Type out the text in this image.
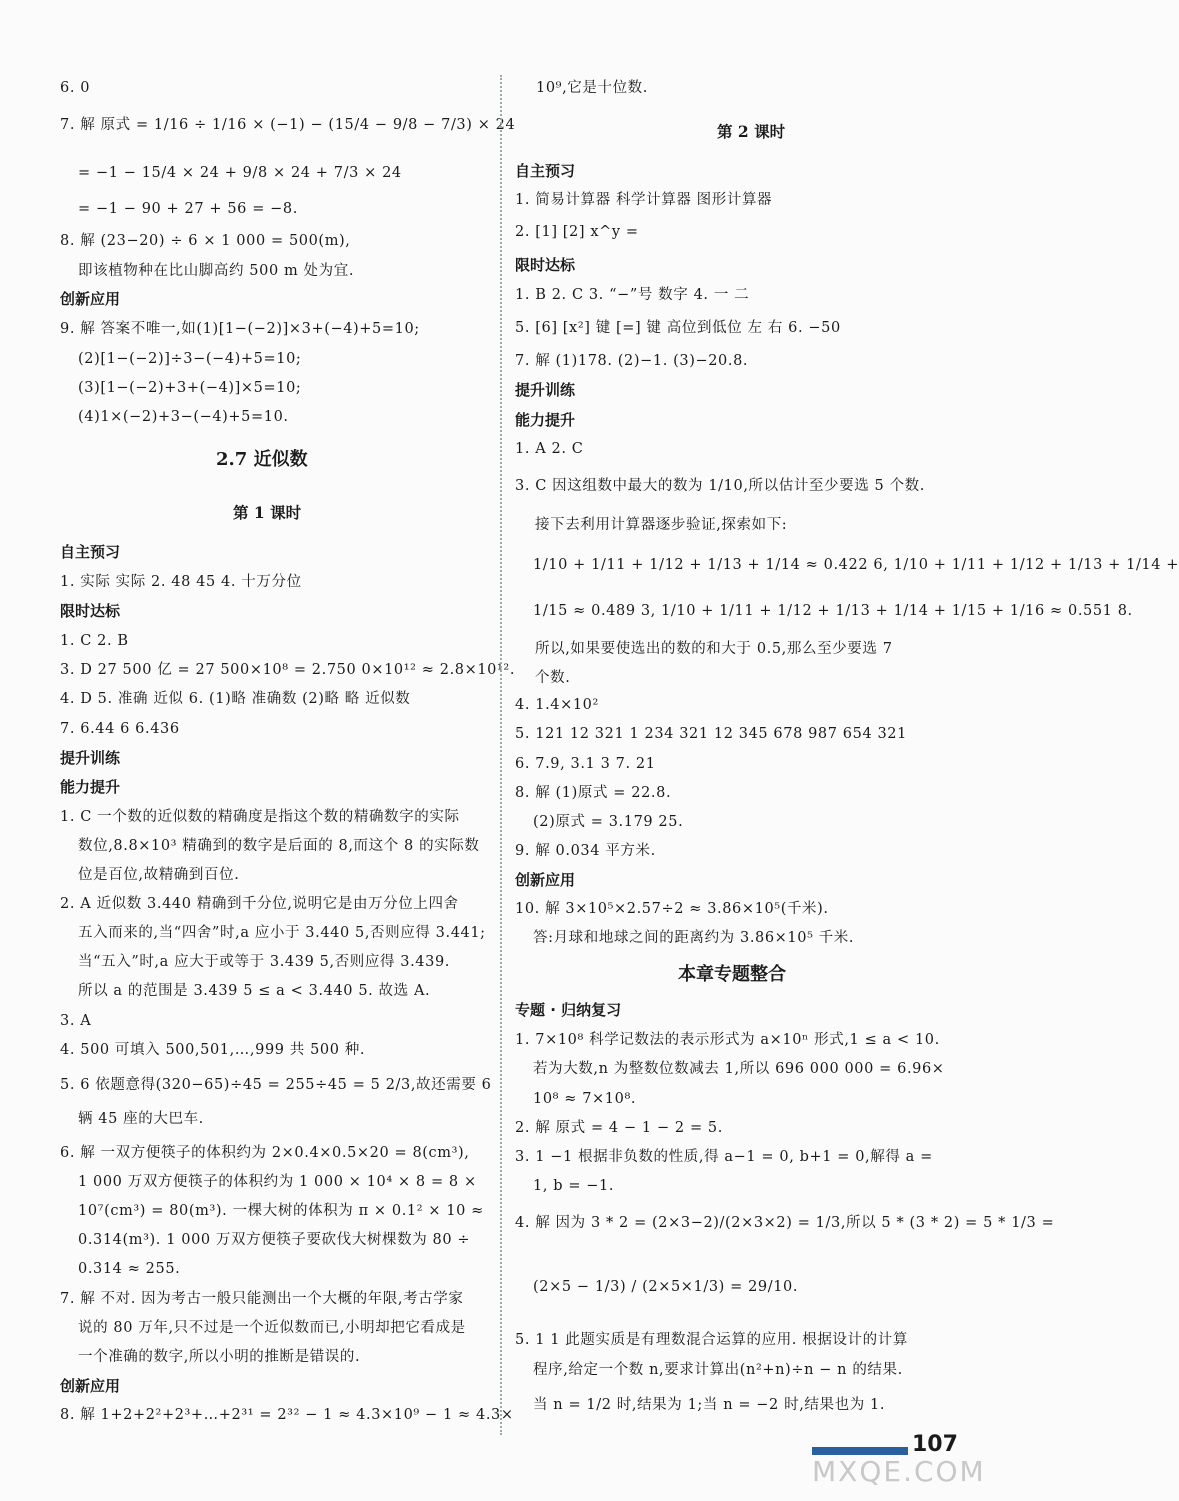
6. 0
7. 解 原式 = 1/16 ÷ 1/16 × (−1) − (15/4 − 9/8 − 7/3) × 24
= −1 − 15/4 × 24 + 9/8 × 24 + 7/3 × 24
= −1 − 90 + 27 + 56 = −8.
8. 解 (23−20) ÷ 6 × 1 000 = 500(m),
即该植物种在比山脚高约 500 m 处为宜.
创新应用
9. 解 答案不唯一,如(1)[1−(−2)]×3+(−4)+5=10;
(2)[1−(−2)]÷3−(−4)+5=10;
(3)[1−(−2)+3+(−4)]×5=10;
(4)1×(−2)+3−(−4)+5=10.
2.7 近似数
第 1 课时
自主预习
1. 实际 实际 2. 48 45 4. 十万分位
限时达标
1. C 2. B
3. D 27 500 亿 = 27 500×10⁸ = 2.750 0×10¹² ≈ 2.8×10¹².
4. D 5. 准确 近似 6. (1)略 准确数 (2)略 略 近似数
7. 6.44 6 6.436
提升训练
能力提升
1. C 一个数的近似数的精确度是指这个数的精确数字的实际
数位,8.8×10³ 精确到的数字是后面的 8,而这个 8 的实际数
位是百位,故精确到百位.
2. A 近似数 3.440 精确到千分位,说明它是由万分位上四舍
五入而来的,当“四舍”时,a 应小于 3.440 5,否则应得 3.441;
当“五入”时,a 应大于或等于 3.439 5,否则应得 3.439.
所以 a 的范围是 3.439 5 ≤ a < 3.440 5. 故选 A.
3. A
4. 500 可填入 500,501,…,999 共 500 种.
5. 6 依题意得(320−65)÷45 = 255÷45 = 5 2/3,故还需要 6
辆 45 座的大巴车.
6. 解 一双方便筷子的体积约为 2×0.4×0.5×20 = 8(cm³),
1 000 万双方便筷子的体积约为 1 000 × 10⁴ × 8 = 8 ×
10⁷(cm³) = 80(m³). 一棵大树的体积为 π × 0.1² × 10 ≈
0.314(m³). 1 000 万双方便筷子要砍伐大树棵数为 80 ÷
0.314 ≈ 255.
7. 解 不对. 因为考古一般只能测出一个大概的年限,考古学家
说的 80 万年,只不过是一个近似数而已,小明却把它看成是
一个准确的数字,所以小明的推断是错误的.
创新应用
8. 解 1+2+2²+2³+…+2³¹ = 2³² − 1 ≈ 4.3×10⁹ − 1 ≈ 4.3×
10⁹,它是十位数.
第 2 课时
自主预习
1. 简易计算器 科学计算器 图形计算器
2. [1] [2] x^y =
限时达标
1. B 2. C 3. “−”号 数字 4. 一 二
5. [6] [x²] 键 [=] 键 高位到低位 左 右 6. −50
7. 解 (1)178. (2)−1. (3)−20.8.
提升训练
能力提升
1. A 2. C
3. C 因这组数中最大的数为 1/10,所以估计至少要选 5 个数.
接下去利用计算器逐步验证,探索如下:
1/10 + 1/11 + 1/12 + 1/13 + 1/14 ≈ 0.422 6, 1/10 + 1/11 + 1/12 + 1/13 + 1/14 +
1/15 ≈ 0.489 3, 1/10 + 1/11 + 1/12 + 1/13 + 1/14 + 1/15 + 1/16 ≈ 0.551 8.
所以,如果要使选出的数的和大于 0.5,那么至少要选 7
个数.
4. 1.4×10²
5. 121 12 321 1 234 321 12 345 678 987 654 321
6. 7.9, 3.1 3 7. 21
8. 解 (1)原式 = 22.8.
(2)原式 = 3.179 25.
9. 解 0.034 平方米.
创新应用
10. 解 3×10⁵×2.57÷2 ≈ 3.86×10⁵(千米).
答:月球和地球之间的距离约为 3.86×10⁵ 千米.
本章专题整合
专题 · 归纳复习
1. 7×10⁸ 科学记数法的表示形式为 a×10ⁿ 形式,1 ≤ a < 10.
若为大数,n 为整数位数减去 1,所以 696 000 000 = 6.96×
10⁸ ≈ 7×10⁸.
2. 解 原式 = 4 − 1 − 2 = 5.
3. 1 −1 根据非负数的性质,得 a−1 = 0, b+1 = 0,解得 a =
1, b = −1.
4. 解 因为 3 * 2 = (2×3−2)/(2×3×2) = 1/3,所以 5 * (3 * 2) = 5 * 1/3 =
(2×5 − 1/3) / (2×5×1/3) = 29/10.
5. 1 1 此题实质是有理数混合运算的应用. 根据设计的计算
程序,给定一个数 n,要求计算出(n²+n)÷n − n 的结果.
当 n = 1/2 时,结果为 1;当 n = −2 时,结果也为 1.
107
MXQE.COM
